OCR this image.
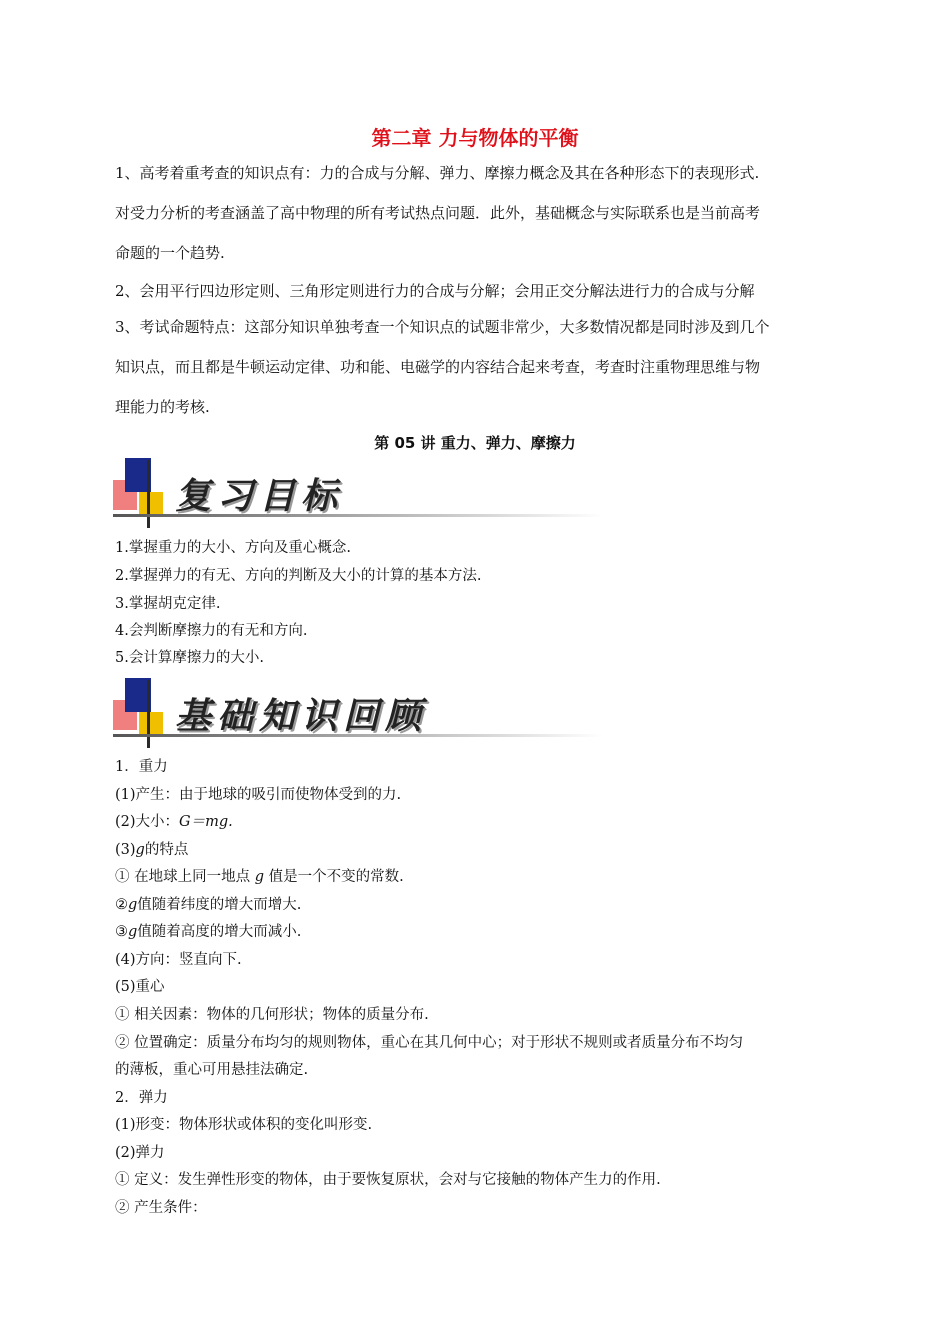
第二章 力与物体的平衡
1、高考着重考查的知识点有：力的合成与分解、弹力、摩擦力概念及其在各种形态下的表现形式.
对受力分析的考查涵盖了高中物理的所有考试热点问题．此外，基础概念与实际联系也是当前高考
命题的一个趋势.
2、会用平行四边形定则、三角形定则进行力的合成与分解；会用正交分解法进行力的合成与分解
3、考试命题特点：这部分知识单独考查一个知识点的试题非常少，大多数情况都是同时涉及到几个
知识点，而且都是牛顿运动定律、功和能、电磁学的内容结合起来考查，考查时注重物理思维与物
理能力的考核.
第 05 讲 重力、弹力、摩擦力
复习目标
1.掌握重力的大小、方向及重心概念.
2.掌握弹力的有无、方向的判断及大小的计算的基本方法.
3.掌握胡克定律.
4.会判断摩擦力的有无和方向.
5.会计算摩擦力的大小.
基础知识回顾
1．重力
(1)产生：由于地球的吸引而使物体受到的力.
(2)大小：G＝mg.
(3)g的特点
① 在地球上同一地点 g 值是一个不变的常数.
②g值随着纬度的增大而增大.
③g值随着高度的增大而减小.
(4)方向：竖直向下.
(5)重心
① 相关因素：物体的几何形状；物体的质量分布.
② 位置确定：质量分布均匀的规则物体，重心在其几何中心；对于形状不规则或者质量分布不均匀
的薄板，重心可用悬挂法确定.
2．弹力
(1)形变：物体形状或体积的变化叫形变.
(2)弹力
① 定义：发生弹性形变的物体，由于要恢复原状，会对与它接触的物体产生力的作用.
② 产生条件：
